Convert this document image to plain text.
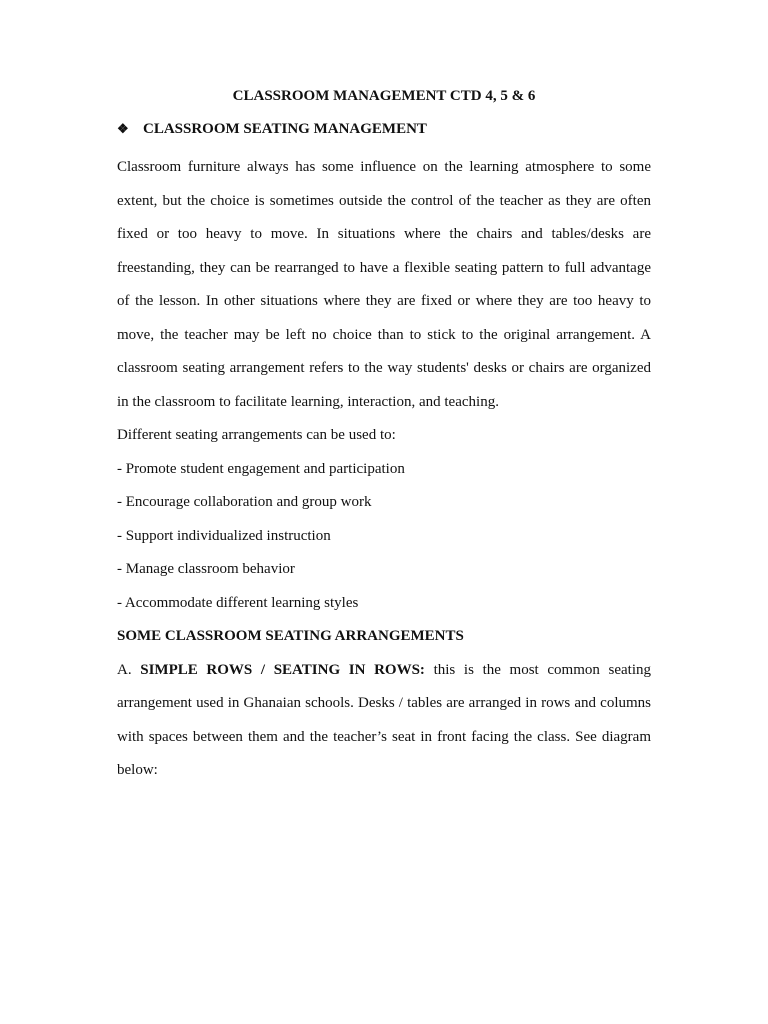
CLASSROOM MANAGEMENT CTD 4, 5 & 6
❖ CLASSROOM SEATING MANAGEMENT

Classroom furniture always has some influence on the learning atmosphere to some extent, but the choice is sometimes outside the control of the teacher as they are often fixed or too heavy to move. In situations where the chairs and tables/desks are freestanding, they can be rearranged to have a flexible seating pattern to full advantage of the lesson. In other situations where they are fixed or where they are too heavy to move, the teacher may be left no choice than to stick to the original arrangement. A classroom seating arrangement refers to the way students' desks or chairs are organized in the classroom to facilitate learning, interaction, and teaching.

Different seating arrangements can be used to:

- Promote student engagement and participation

- Encourage collaboration and group work

- Support individualized instruction

- Manage classroom behavior

- Accommodate different learning styles

SOME CLASSROOM SEATING ARRANGEMENTS

A. SIMPLE ROWS / SEATING IN ROWS: this is the most common seating arrangement used in Ghanaian schools. Desks / tables are arranged in rows and columns with spaces between them and the teacher’s seat in front facing the class. See diagram below:
